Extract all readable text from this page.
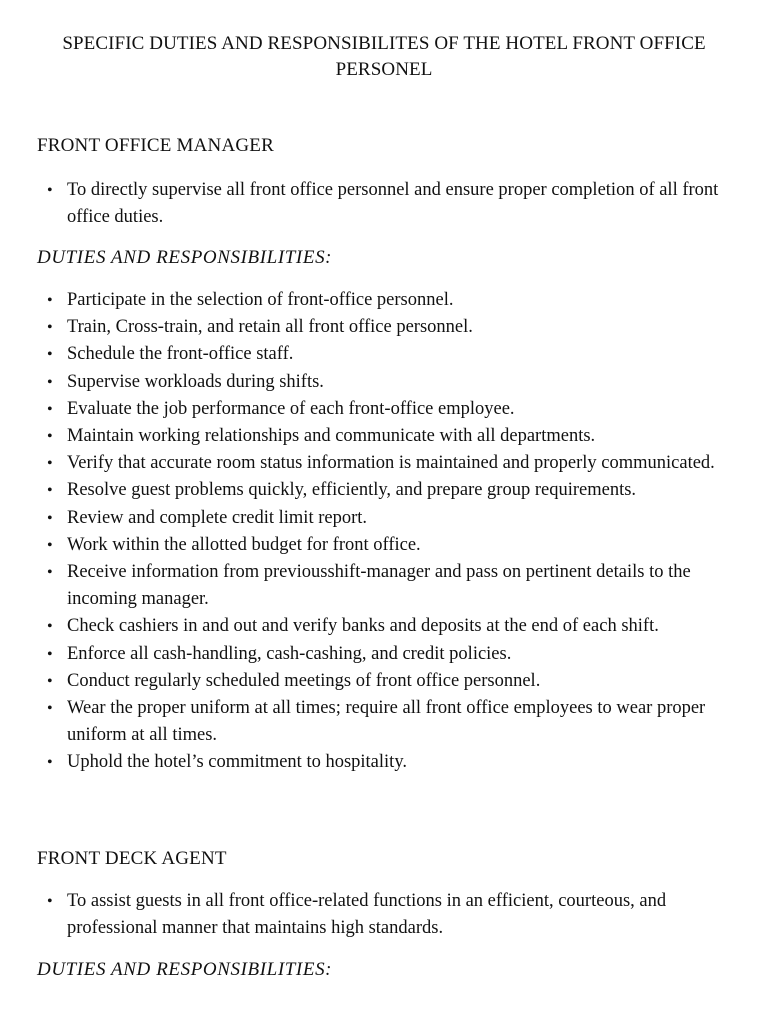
SPECIFIC DUTIES AND RESPONSIBILITES OF THE HOTEL FRONT OFFICE PERSONEL
FRONT OFFICE MANAGER
• To directly supervise all front office personnel and ensure proper completion of all front office duties.
DUTIES AND RESPONSIBILITIES:
• Participate in the selection of front-office personnel.
• Train, Cross-train, and retain all front office personnel.
• Schedule the front-office staff.
• Supervise workloads during shifts.
• Evaluate the job performance of each front-office employee.
• Maintain working relationships and communicate with all departments.
• Verify that accurate room status information is maintained and properly communicated.
• Resolve guest problems quickly, efficiently, and prepare group requirements.
• Review and complete credit limit report.
• Work within the allotted budget for front office.
• Receive information from previousshift-manager and pass on pertinent details to the incoming manager.
• Check cashiers in and out and verify banks and deposits at the end of each shift.
• Enforce all cash-handling, cash-cashing, and credit policies.
• Conduct regularly scheduled meetings of front office personnel.
• Wear the proper uniform at all times; require all front office employees to wear proper uniform at all times.
• Uphold the hotel’s commitment to hospitality.
FRONT DECK AGENT
• To assist guests in all front office-related functions in an efficient, courteous, and professional manner that maintains high standards.
DUTIES AND RESPONSIBILITIES:
